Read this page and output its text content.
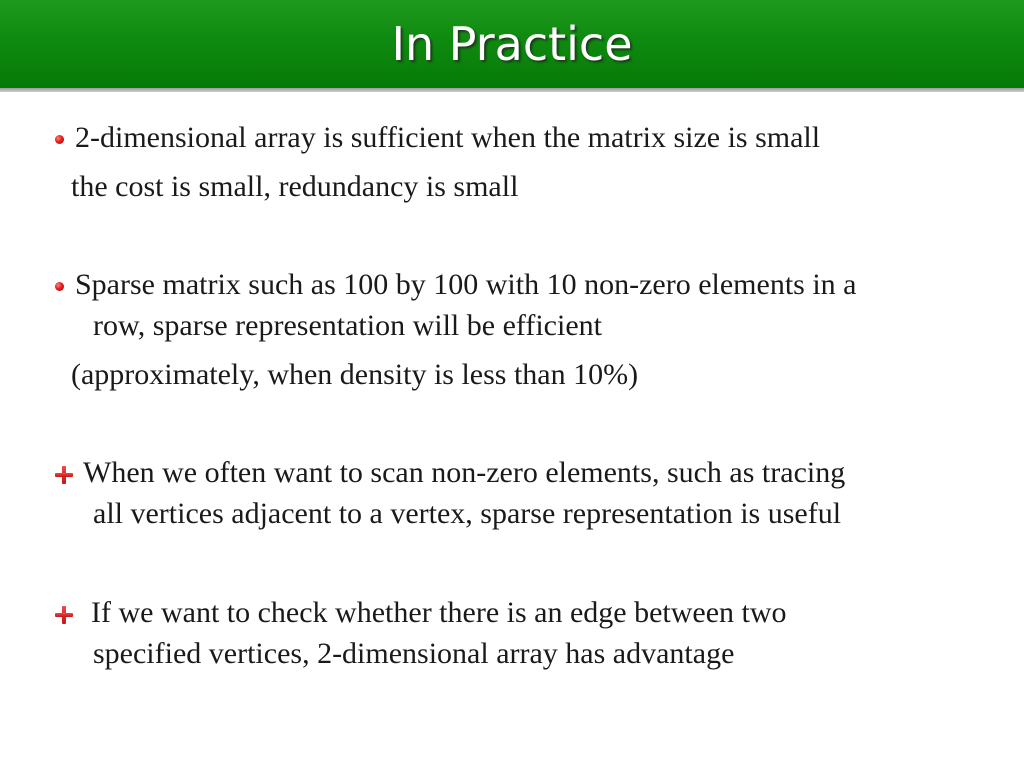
In Practice
2-dimensional array is sufficient when the matrix size is small
the cost is small, redundancy is small
Sparse matrix such as 100 by 100 with 10 non-zero elements in a
row, sparse representation will be efficient
(approximately, when density is less than 10%)
When we often want to scan non-zero elements, such as tracing
all vertices adjacent to a vertex, sparse representation is useful
If we want to check whether there is an edge between two
specified vertices, 2-dimensional array has advantage
